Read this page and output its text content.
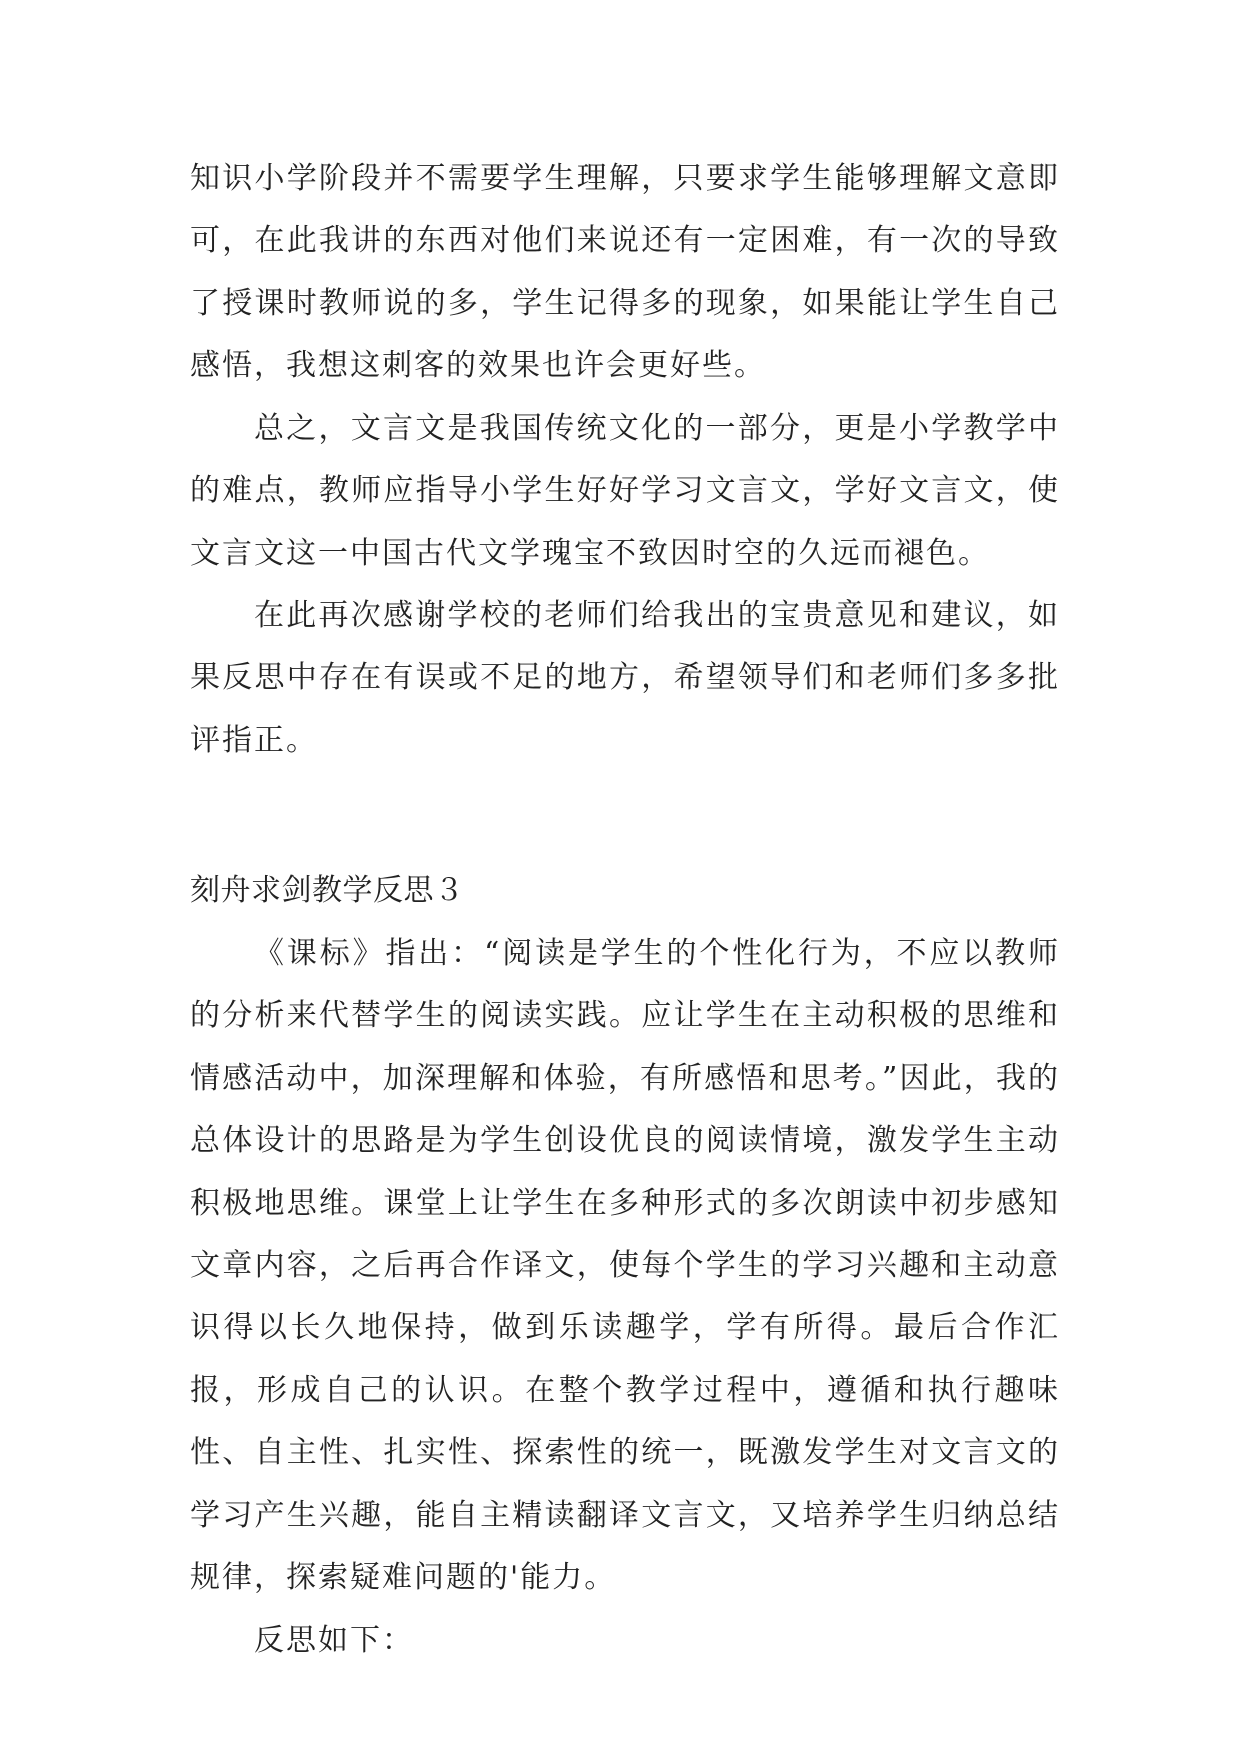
知识小学阶段并不需要学生理解，只要求学生能够理解文意即可，在此我讲的东西对他们来说还有一定困难，有一次的导致了授课时教师说的多，学生记得多的现象，如果能让学生自己感悟，我想这刺客的效果也许会更好些。

总之，文言文是我国传统文化的一部分，更是小学教学中的难点，教师应指导小学生好好学习文言文，学好文言文，使文言文这一中国古代文学瑰宝不致因时空的久远而褪色。

在此再次感谢学校的老师们给我出的宝贵意见和建议，如果反思中存在有误或不足的地方，希望领导们和老师们多多批评指正。

刻舟求剑教学反思３

《课标》指出：“阅读是学生的个性化行为，不应以教师的分析来代替学生的阅读实践。应让学生在主动积极的思维和情感活动中，加深理解和体验，有所感悟和思考。”因此，我的总体设计的思路是为学生创设优良的阅读情境，激发学生主动积极地思维。课堂上让学生在多种形式的多次朗读中初步感知文章内容，之后再合作译文，使每个学生的学习兴趣和主动意识得以长久地保持，做到乐读趣学，学有所得。最后合作汇报，形成自己的认识。在整个教学过程中，遵循和执行趣味性、自主性、扎实性、探索性的统一，既激发学生对文言文的学习产生兴趣，能自主精读翻译文言文，又培养学生归纳总结规律，探索疑难问题的'能力。

反思如下：
